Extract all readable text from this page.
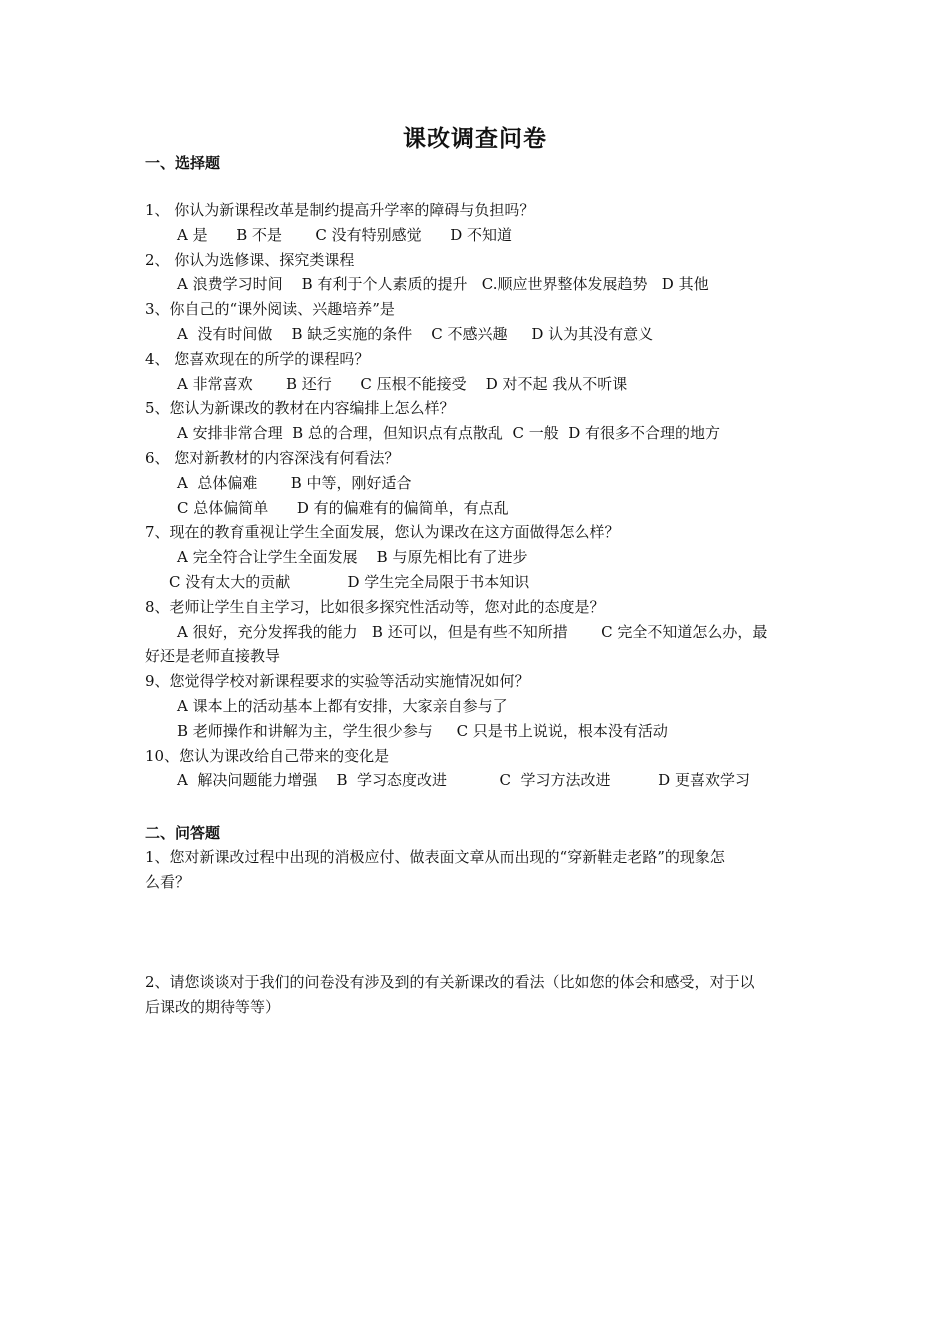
课改调查问卷
一、选择题
1、 你认为新课程改革是制约提高升学率的障碍与负担吗？
A 是      B 不是       C 没有特别感觉      D 不知道
2、 你认为选修课、探究类课程
A 浪费学习时间    B 有利于个人素质的提升   C.顺应世界整体发展趋势   D 其他
3、你自己的“课外阅读、兴趣培养”是
A  没有时间做    B 缺乏实施的条件    C 不感兴趣     D 认为其没有意义
4、 您喜欢现在的所学的课程吗？
A 非常喜欢       B 还行      C 压根不能接受    D 对不起 我从不听课
5、您认为新课改的教材在内容编排上怎么样？
A 安排非常合理  B 总的合理，但知识点有点散乱  C 一般  D 有很多不合理的地方
6、 您对新教材的内容深浅有何看法？
A  总体偏难       B 中等，刚好适合
C 总体偏简单      D 有的偏难有的偏简单，有点乱
7、现在的教育重视让学生全面发展，您认为课改在这方面做得怎么样？
A 完全符合让学生全面发展    B 与原先相比有了进步
C 没有太大的贡献            D 学生完全局限于书本知识
8、老师让学生自主学习，比如很多探究性活动等，您对此的态度是？
A 很好，充分发挥我的能力   B 还可以，但是有些不知所措       C 完全不知道怎么办，最
好还是老师直接教导
9、您觉得学校对新课程要求的实验等活动实施情况如何？
A 课本上的活动基本上都有安排，大家亲自参与了
B 老师操作和讲解为主，学生很少参与     C 只是书上说说，根本没有活动
10、您认为课改给自己带来的变化是
A  解决问题能力增强    B  学习态度改进           C  学习方法改进          D 更喜欢学习
二、问答题
1、您对新课改过程中出现的消极应付、做表面文章从而出现的“穿新鞋走老路”的现象怎
么看？
2、请您谈谈对于我们的问卷没有涉及到的有关新课改的看法（比如您的体会和感受，对于以
后课改的期待等等）
